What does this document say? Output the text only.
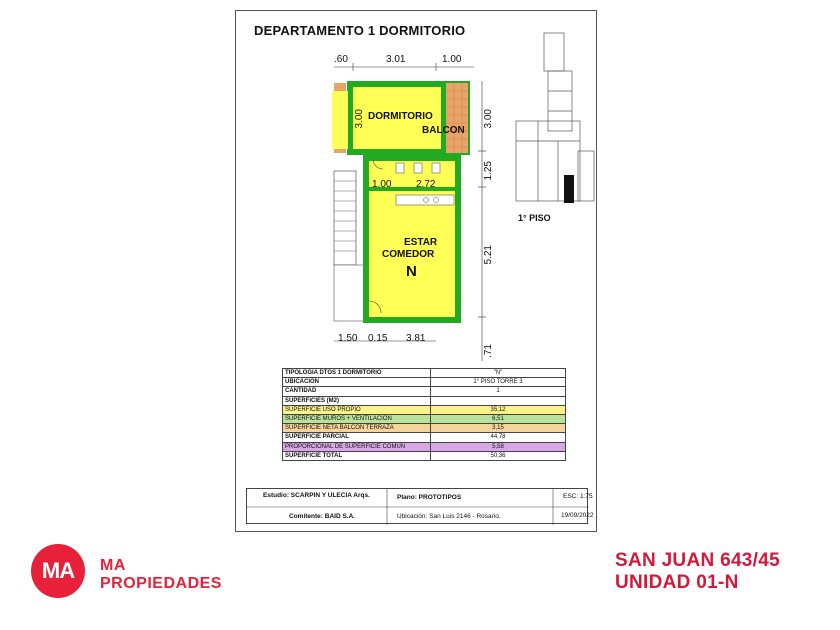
DEPARTAMENTO 1 DORMITORIO
.60	3.01	1.00
3.00
1.25
5.21
.71
3.00
1.00 2.72
1.50 0.15 3.81
DORMITORIO
BALCON
ESTAR
COMEDOR
N
1° PISO
TIPOLOGIA DTOS 1 DORMITORIO	"N"
UBICACIÓN	1° PISO TORRE 3
CANTIDAD	1
SUPERFICIES (M2)	
SUPERFICIE USO PROPIO	35,12
SUPERFICIE MUROS + VENTILACION	6,51
SUPERFICIE NETA BALCON TERRAZA	3,15
SUPERFICIE PARCIAL	44,78
PROPORCIONAL DE SUPERFICIE COMUN	5,58
SUPERFICIE TOTAL	50,36
Estudio: SCARPIN Y ULECIA Arqs.	Plano: PROTOTIPOS	ESC: 1:75
Comitente: BAID S.A.	Ubicación: San Luis 2146 - Rosario.	19/09/2022
MA MA
PROPIEDADES
SAN JUAN 643/45
UNIDAD 01-N
